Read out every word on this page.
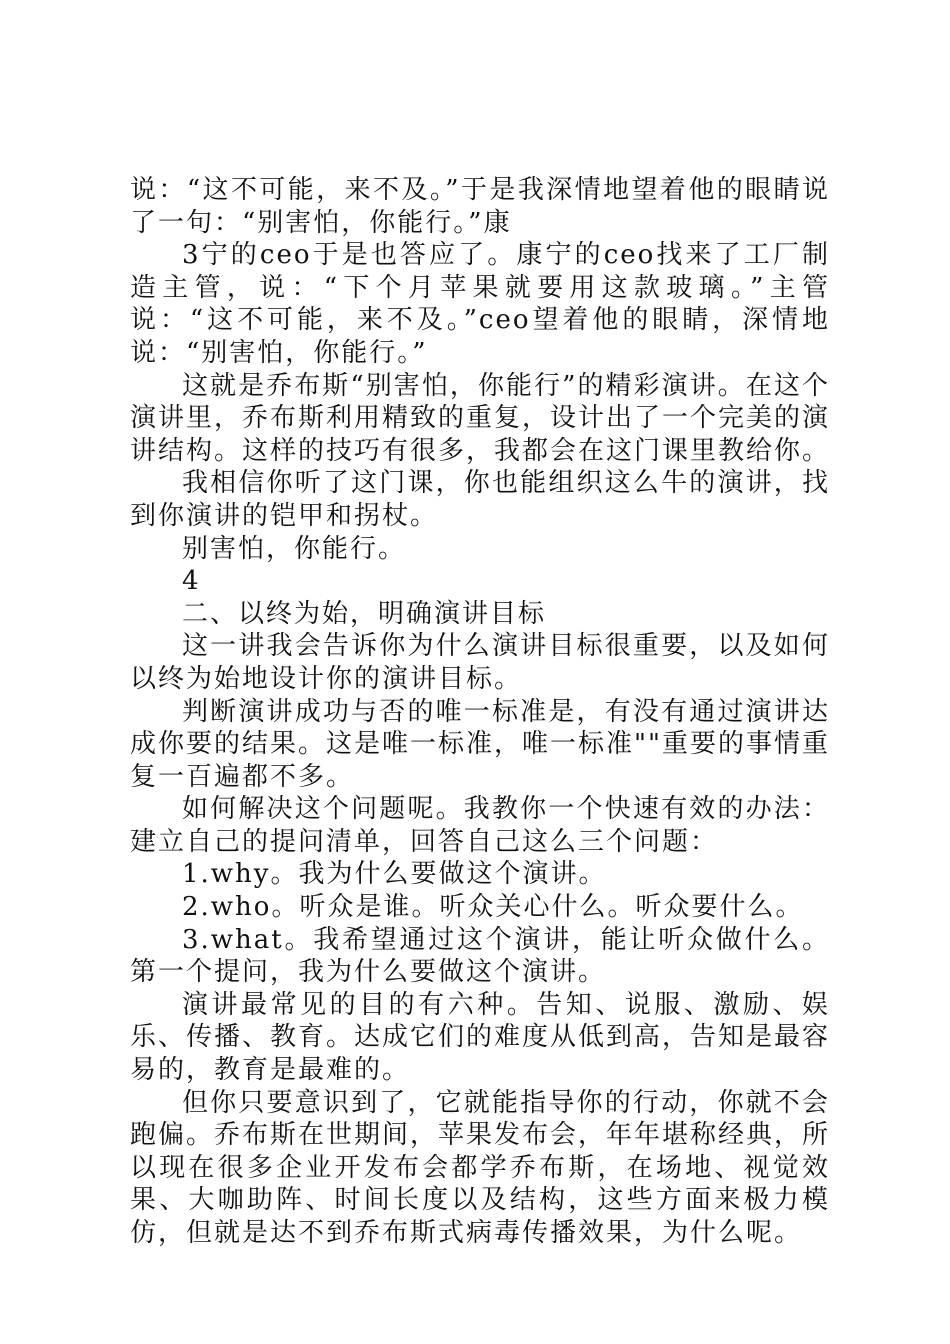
说：“这不可能，来不及。”于是我深情地望着他的眼睛说了一句：“别害怕，你能行。”康

3宁的ceo于是也答应了。康宁的ceo找来了工厂制造主管，说：“下个月苹果就要用这款玻璃。”主管说：“这不可能，来不及。”ceo望着他的眼睛，深情地说：“别害怕，你能行。”

这就是乔布斯“别害怕，你能行”的精彩演讲。在这个演讲里，乔布斯利用精致的重复，设计出了一个完美的演讲结构。这样的技巧有很多，我都会在这门课里教给你。

我相信你听了这门课，你也能组织这么牛的演讲，找到你演讲的铠甲和拐杖。

别害怕，你能行。

4

二、以终为始，明确演讲目标

这一讲我会告诉你为什么演讲目标很重要，以及如何以终为始地设计你的演讲目标。

判断演讲成功与否的唯一标准是，有没有通过演讲达成你要的结果。这是唯一标准，唯一标准""重要的事情重复一百遍都不多。

如何解决这个问题呢。我教你一个快速有效的办法：建立自己的提问清单，回答自己这么三个问题：

1.why。我为什么要做这个演讲。

2.who。听众是谁。听众关心什么。听众要什么。

3.what。我希望通过这个演讲，能让听众做什么。第一个提问，我为什么要做这个演讲。

演讲最常见的目的有六种。告知、说服、激励、娱乐、传播、教育。达成它们的难度从低到高，告知是最容易的，教育是最难的。

但你只要意识到了，它就能指导你的行动，你就不会跑偏。乔布斯在世期间，苹果发布会，年年堪称经典，所以现在很多企业开发布会都学乔布斯，在场地、视觉效果、大咖助阵、时间长度以及结构，这些方面来极力模仿，但就是达不到乔布斯式病毒传播效果，为什么呢。
